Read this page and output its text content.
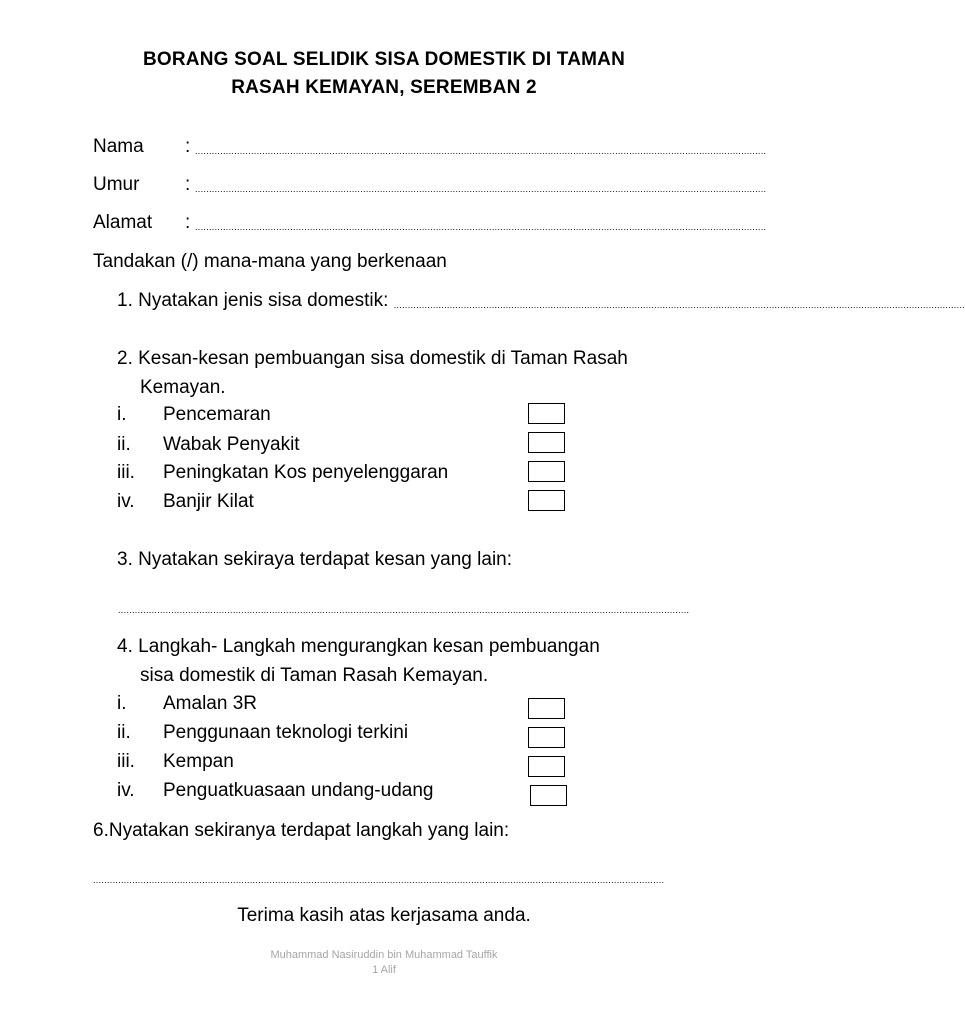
BORANG SOAL SELIDIK SISA DOMESTIK DI TAMAN
RASAH KEMAYAN, SEREMBAN 2
Nama : ............................................................................................................................................................................................................
Umur : ............................................................................................................................................................................................................
Alamat : ............................................................................................................................................................................................................
Tandakan (/) mana-mana yang berkenaan
1. Nyatakan jenis sisa domestik: ............................................................................................................................................................................................................
2. Kesan-kesan pembuangan sisa domestik di Taman Rasah
Kemayan.
i. Pencemaran
ii. Wabak Penyakit
iii. Peningkatan Kos penyelenggaran
iv. Banjir Kilat
3. Nyatakan sekiraya terdapat kesan yang lain:
............................................................................................................................................................................................................
4. Langkah- Langkah mengurangkan kesan pembuangan
sisa domestik di Taman Rasah Kemayan.
i. Amalan 3R
ii. Penggunaan teknologi terkini
iii. Kempan
iv. Penguatkuasaan undang-udang
6.Nyatakan sekiranya terdapat langkah yang lain:
............................................................................................................................................................................................................
Terima kasih atas kerjasama anda.
Muhammad Nasiruddin bin Muhammad Tauffik
1 Alif
